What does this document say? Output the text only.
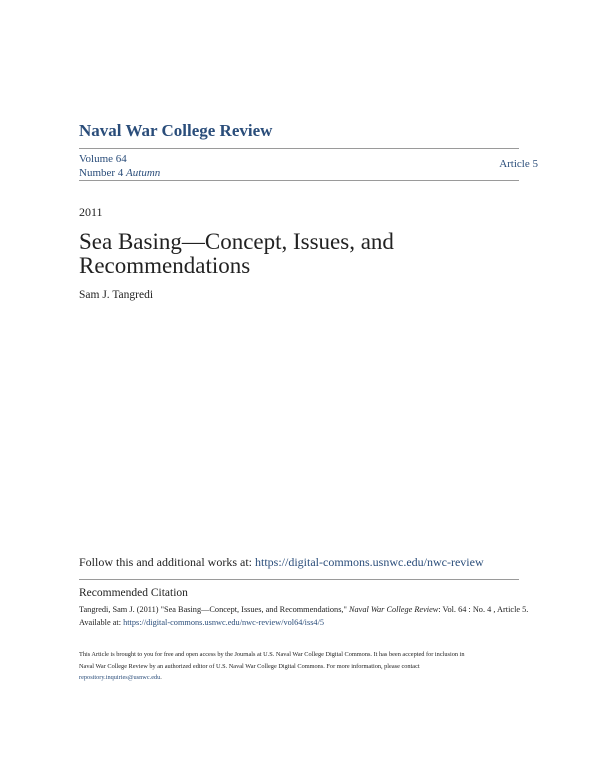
Naval War College Review
Volume 64
Number 4 Autumn
Article 5
2011
Sea Basing—Concept, Issues, and
Recommendations
Sam J. Tangredi
Follow this and additional works at: https://digital-commons.usnwc.edu/nwc-review
Recommended Citation
Tangredi, Sam J. (2011) "Sea Basing—Concept, Issues, and Recommendations," Naval War College Review: Vol. 64 : No. 4 , Article 5.
Available at: https://digital-commons.usnwc.edu/nwc-review/vol64/iss4/5
This Article is brought to you for free and open access by the Journals at U.S. Naval War College Digital Commons. It has been accepted for inclusion in
Naval War College Review by an authorized editor of U.S. Naval War College Digital Commons. For more information, please contact
repository.inquiries@usnwc.edu.
